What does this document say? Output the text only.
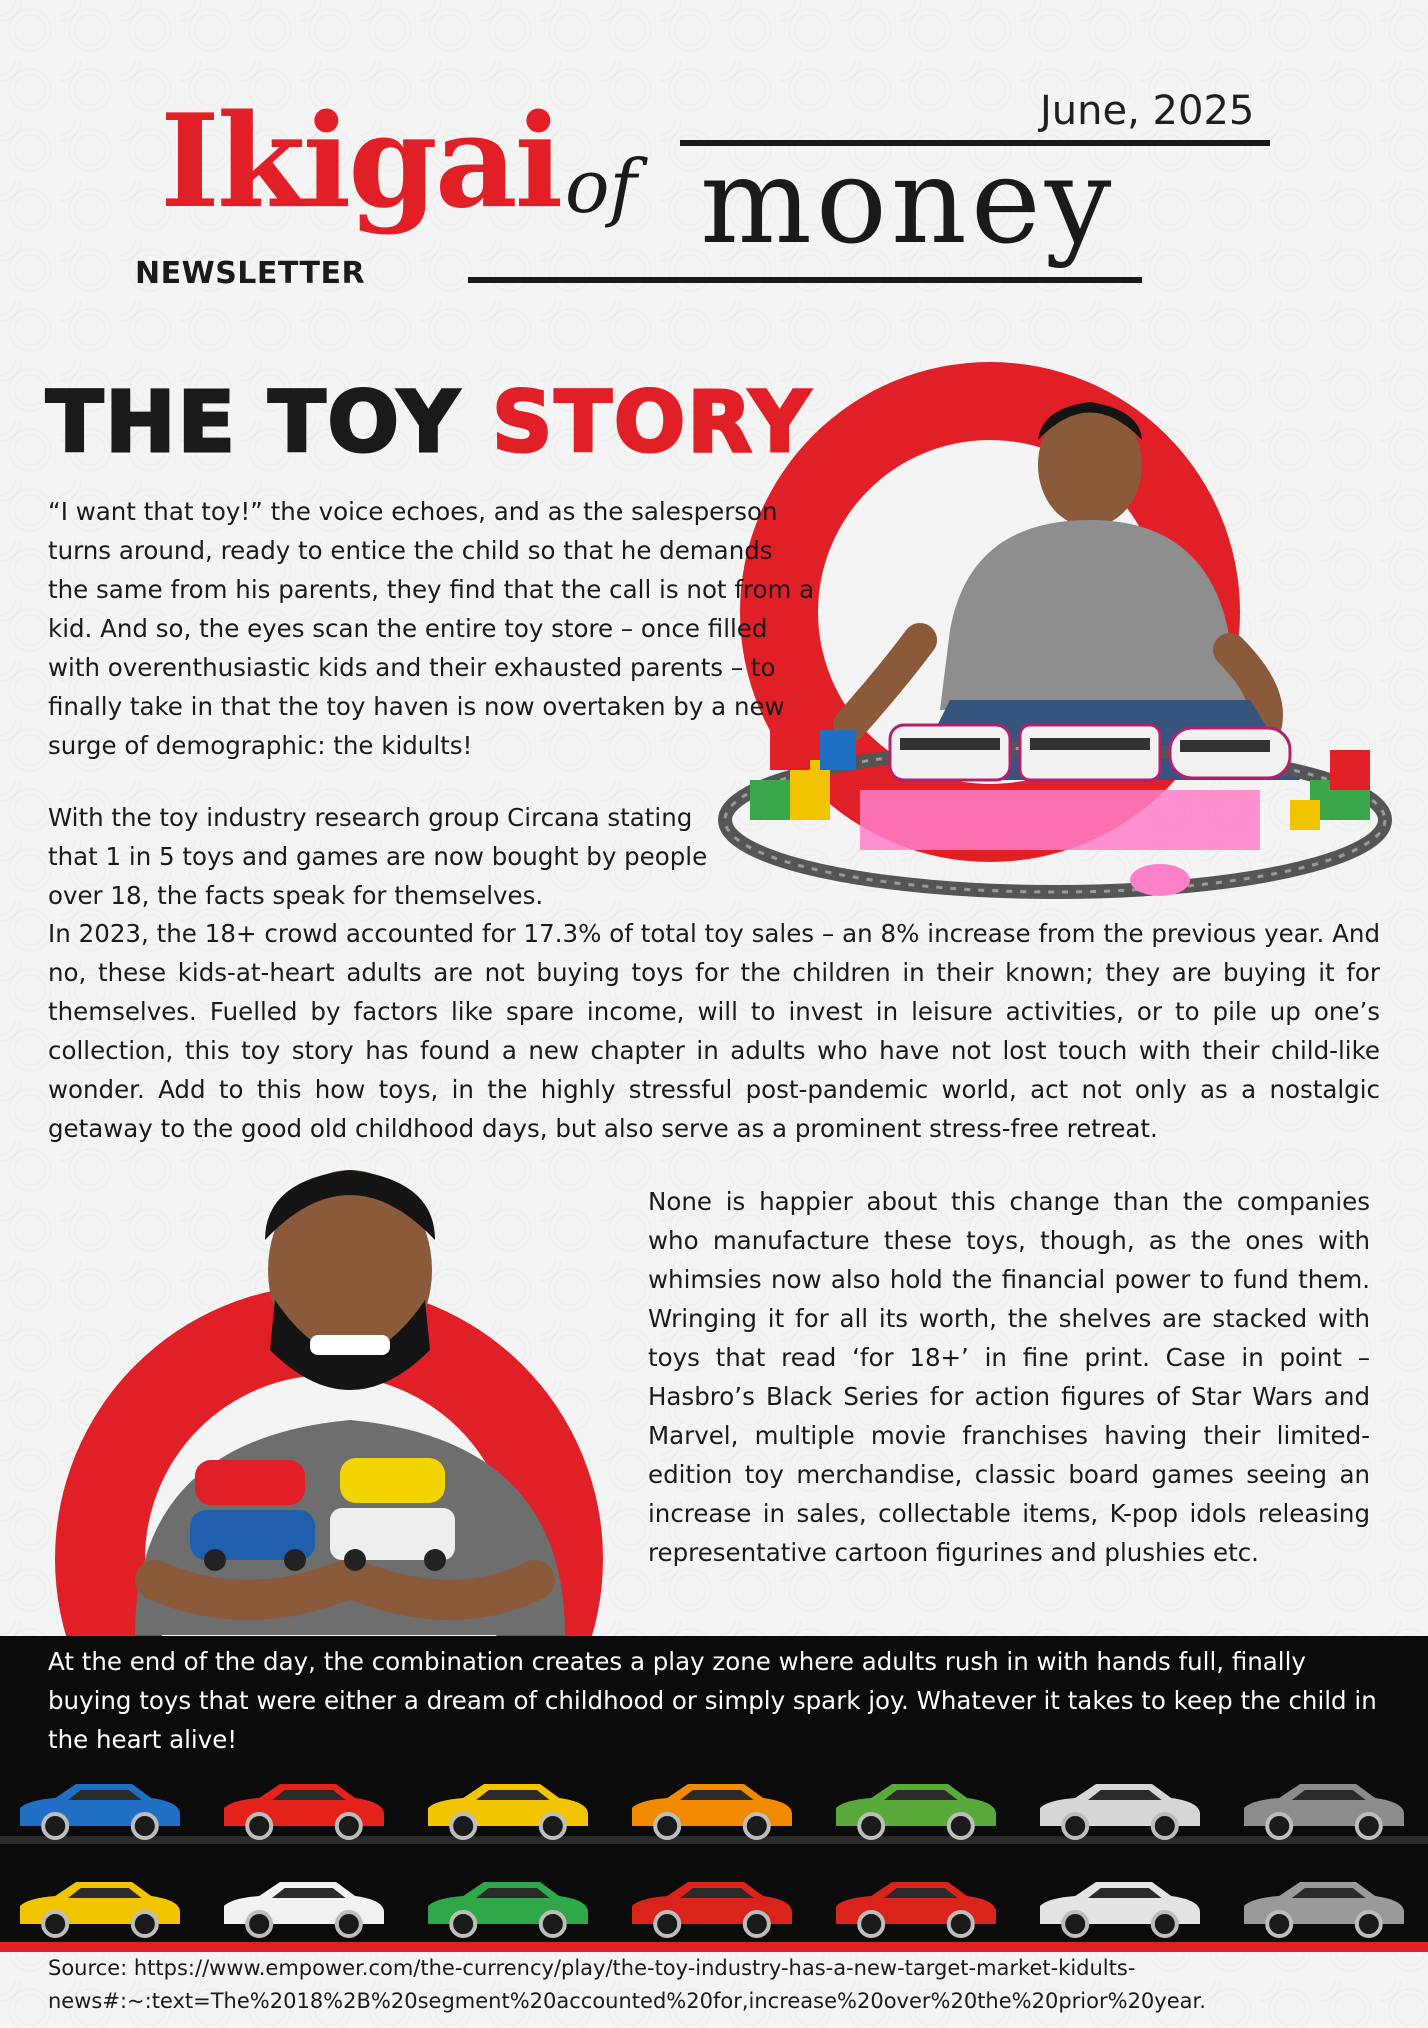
June, 2025
Ikigai of money
NEWSLETTER
THE TOY STORY
“I want that toy!” the voice echoes, and as the salesperson turns around, ready to entice the child so that he demands the same from his parents, they find that the call is not from a kid. And so, the eyes scan the entire toy store – once filled with overenthusiastic kids and their exhausted parents – to finally take in that the toy haven is now overtaken by a new surge of demographic: the kidults!
With the toy industry research group Circana stating that 1 in 5 toys and games are now bought by people over 18, the facts speak for themselves.
In 2023, the 18+ crowd accounted for 17.3% of total toy sales – an 8% increase from the previous year. And no, these kids-at-heart adults are not buying toys for the children in their known; they are buying it for themselves. Fuelled by factors like spare income, will to invest in leisure activities, or to pile up one’s collection, this toy story has found a new chapter in adults who have not lost touch with their child-like wonder. Add to this how toys, in the highly stressful post-pandemic world, act not only as a nostalgic getaway to the good old childhood days, but also serve as a prominent stress-free retreat.
None is happier about this change than the companies who manufacture these toys, though, as the ones with whimsies now also hold the financial power to fund them. Wringing it for all its worth, the shelves are stacked with toys that read ‘for 18+’ in fine print. Case in point – Hasbro’s Black Series for action figures of Star Wars and Marvel, multiple movie franchises having their limited-edition toy merchandise, classic board games seeing an increase in sales, collectable items, K-pop idols releasing representative cartoon figurines and plushies etc.
At the end of the day, the combination creates a play zone where adults rush in with hands full, finally buying toys that were either a dream of childhood or simply spark joy. Whatever it takes to keep the child in the heart alive!
Source: https://www.empower.com/the-currency/play/the-toy-industry-has-a-new-target-market-kidults-news#:~:text=The%2018%2B%20segment%20accounted%20for,increase%20over%20the%20prior%20year.
